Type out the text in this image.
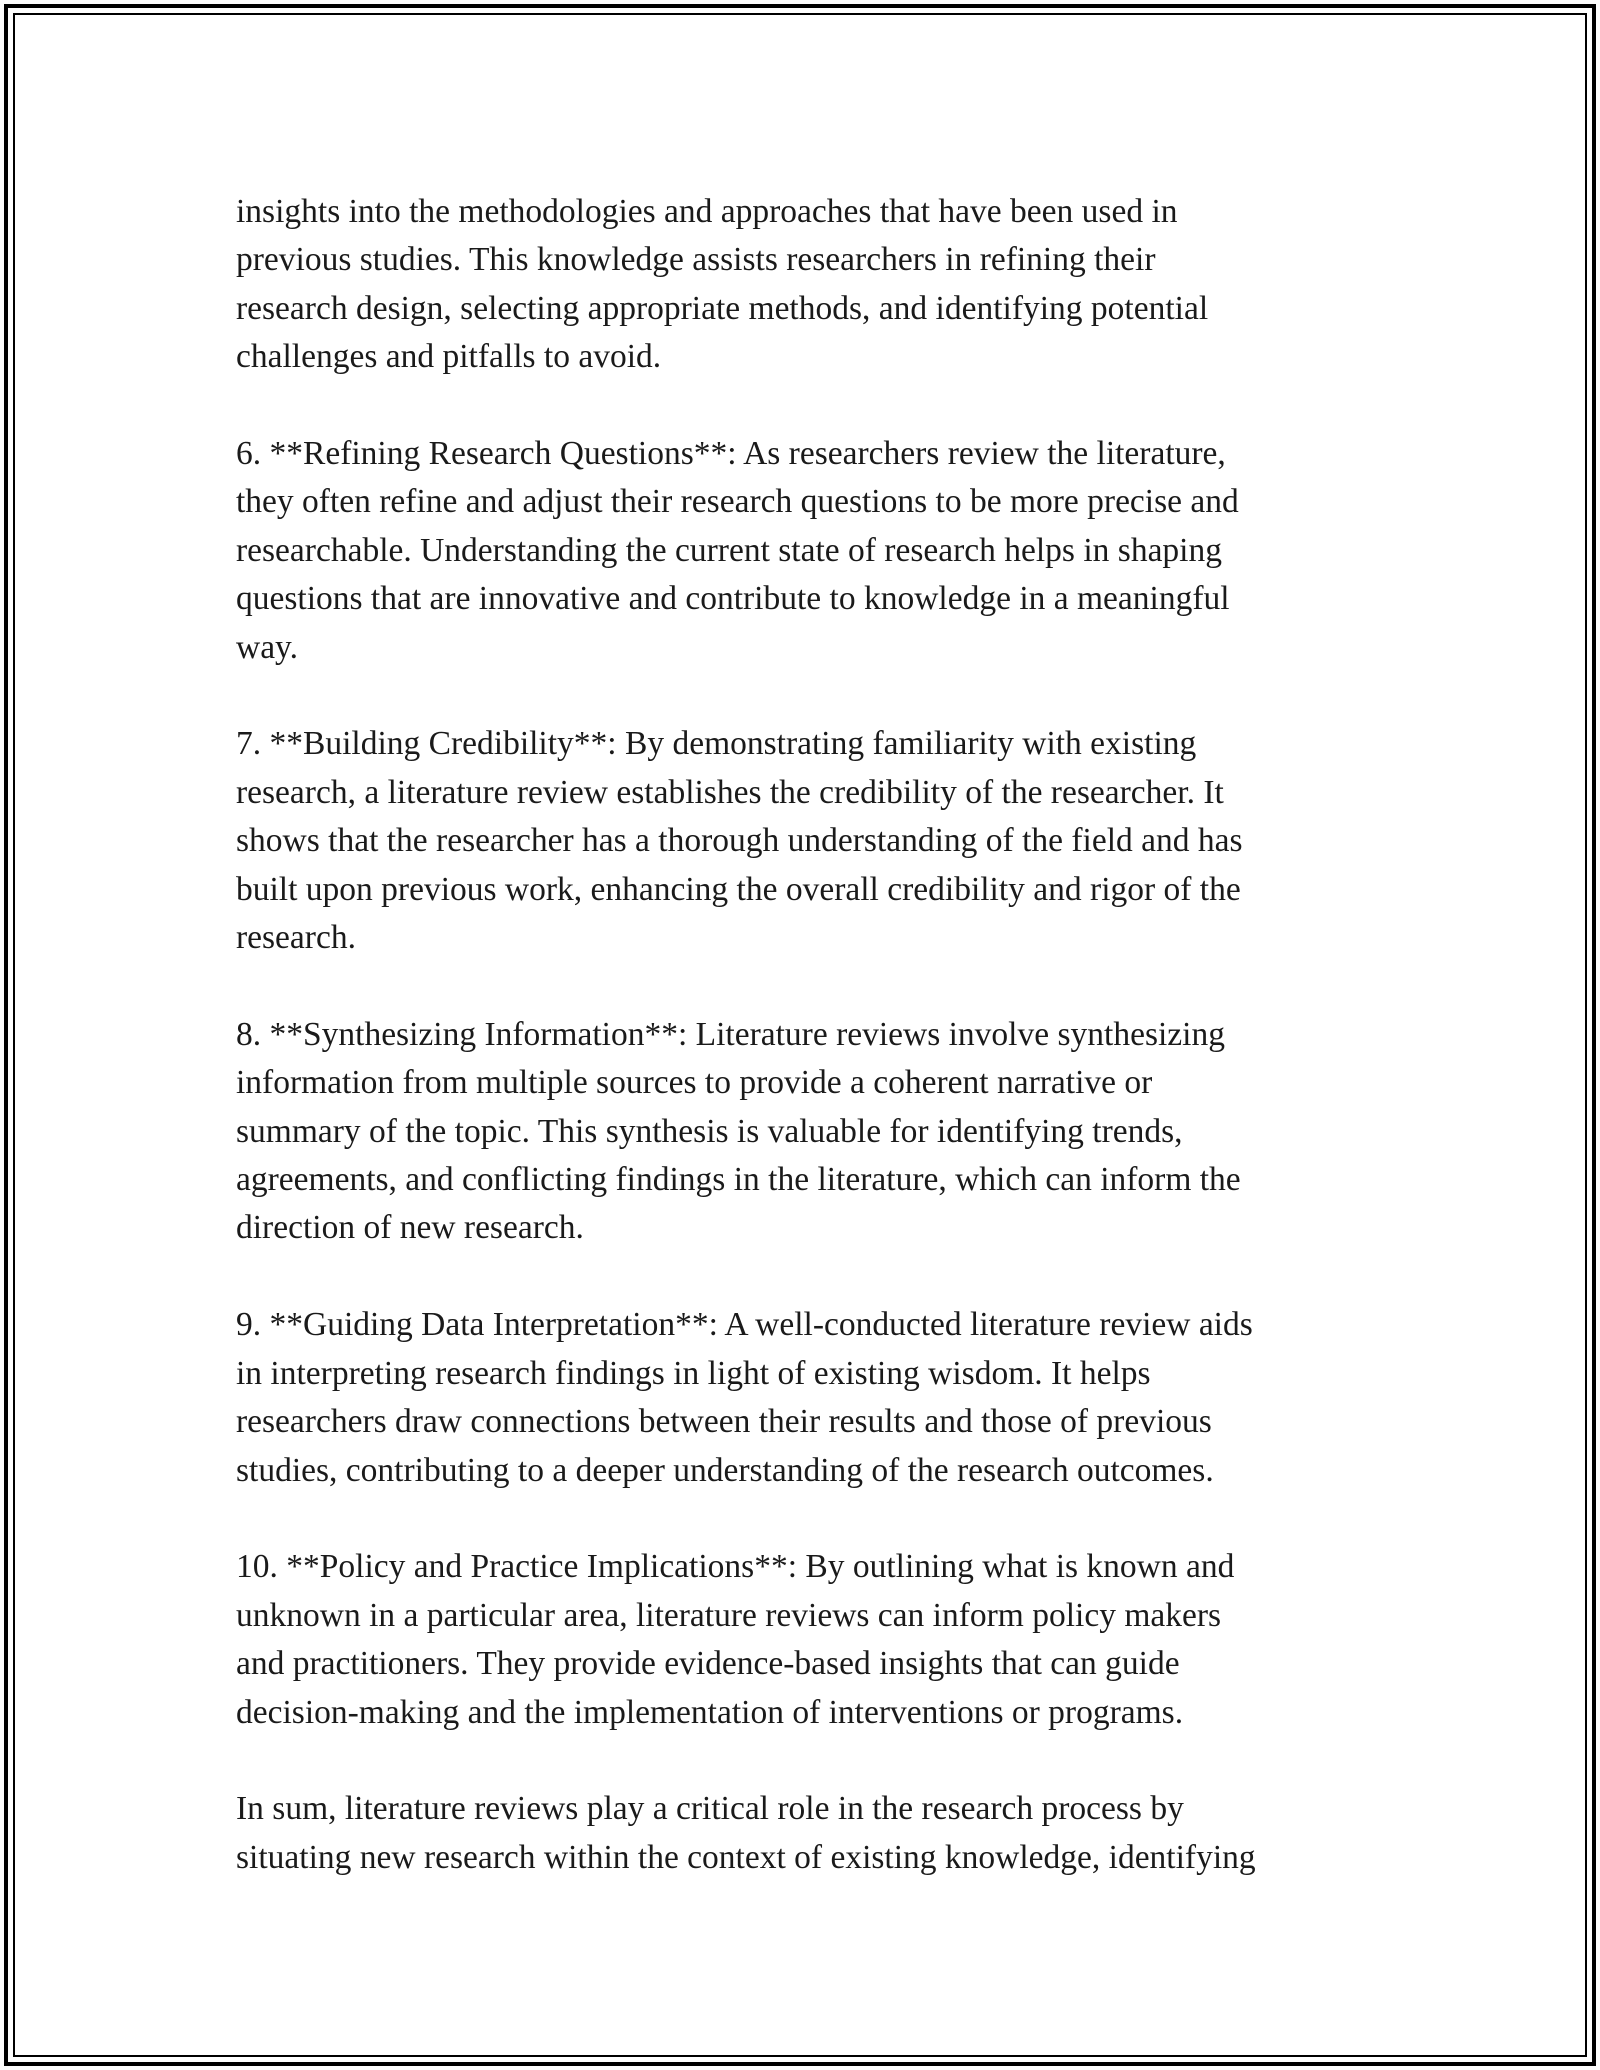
insights into the methodologies and approaches that have been used in
previous studies. This knowledge assists researchers in refining their
research design, selecting appropriate methods, and identifying potential
challenges and pitfalls to avoid.

6. **Refining Research Questions**: As researchers review the literature,
they often refine and adjust their research questions to be more precise and
researchable. Understanding the current state of research helps in shaping
questions that are innovative and contribute to knowledge in a meaningful
way.

7. **Building Credibility**: By demonstrating familiarity with existing
research, a literature review establishes the credibility of the researcher. It
shows that the researcher has a thorough understanding of the field and has
built upon previous work, enhancing the overall credibility and rigor of the
research.

8. **Synthesizing Information**: Literature reviews involve synthesizing
information from multiple sources to provide a coherent narrative or
summary of the topic. This synthesis is valuable for identifying trends,
agreements, and conflicting findings in the literature, which can inform the
direction of new research.

9. **Guiding Data Interpretation**: A well-conducted literature review aids
in interpreting research findings in light of existing wisdom. It helps
researchers draw connections between their results and those of previous
studies, contributing to a deeper understanding of the research outcomes.

10. **Policy and Practice Implications**: By outlining what is known and
unknown in a particular area, literature reviews can inform policy makers
and practitioners. They provide evidence-based insights that can guide
decision-making and the implementation of interventions or programs.

In sum, literature reviews play a critical role in the research process by
situating new research within the context of existing knowledge, identifying
